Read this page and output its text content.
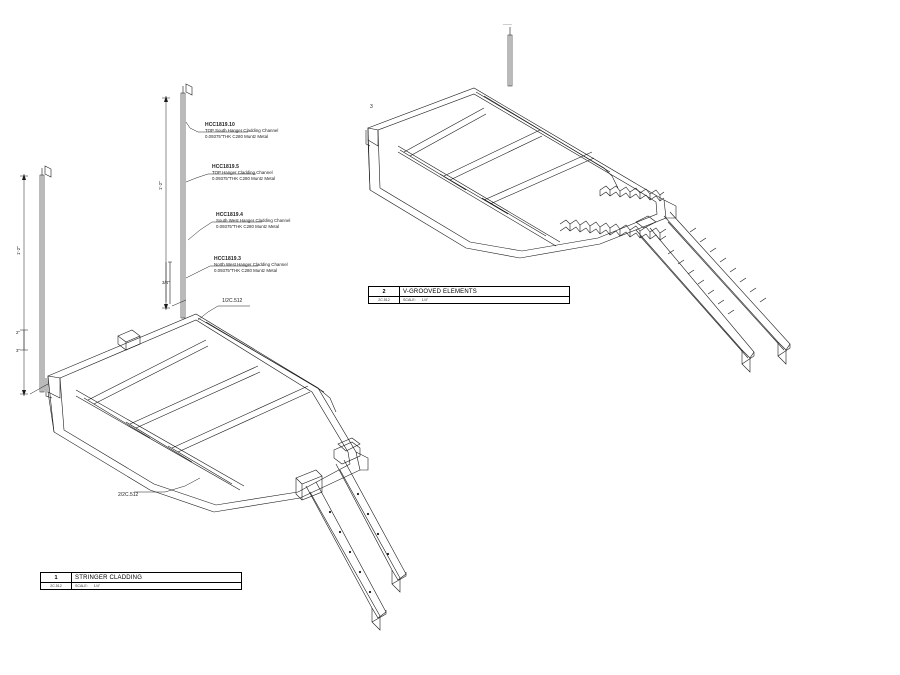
____
3
HCC1819.10
TOP South Hanger Cladding Channel
0.09375"THK C280 Muntz Metal
HCC1819.5
TOP Hanger Cladding Channel
0.09375"THK C280 Muntz Metal
HCC1819.4
South West Hanger Cladding Channel
0.09375"THK C280 Muntz Metal
HCC1819.3
North West Hanger Cladding Channel
0.09375"THK C280 Muntz Metal
1/2C.512
2/2C.512
1'-2"
1'-2"
3/4"
2"
3"
2	V-GROOVED ELEMENTS
2C.512	SCALE: 1/4"
1	STRINGER CLADDING
2C.512	SCALE: 1/4"
